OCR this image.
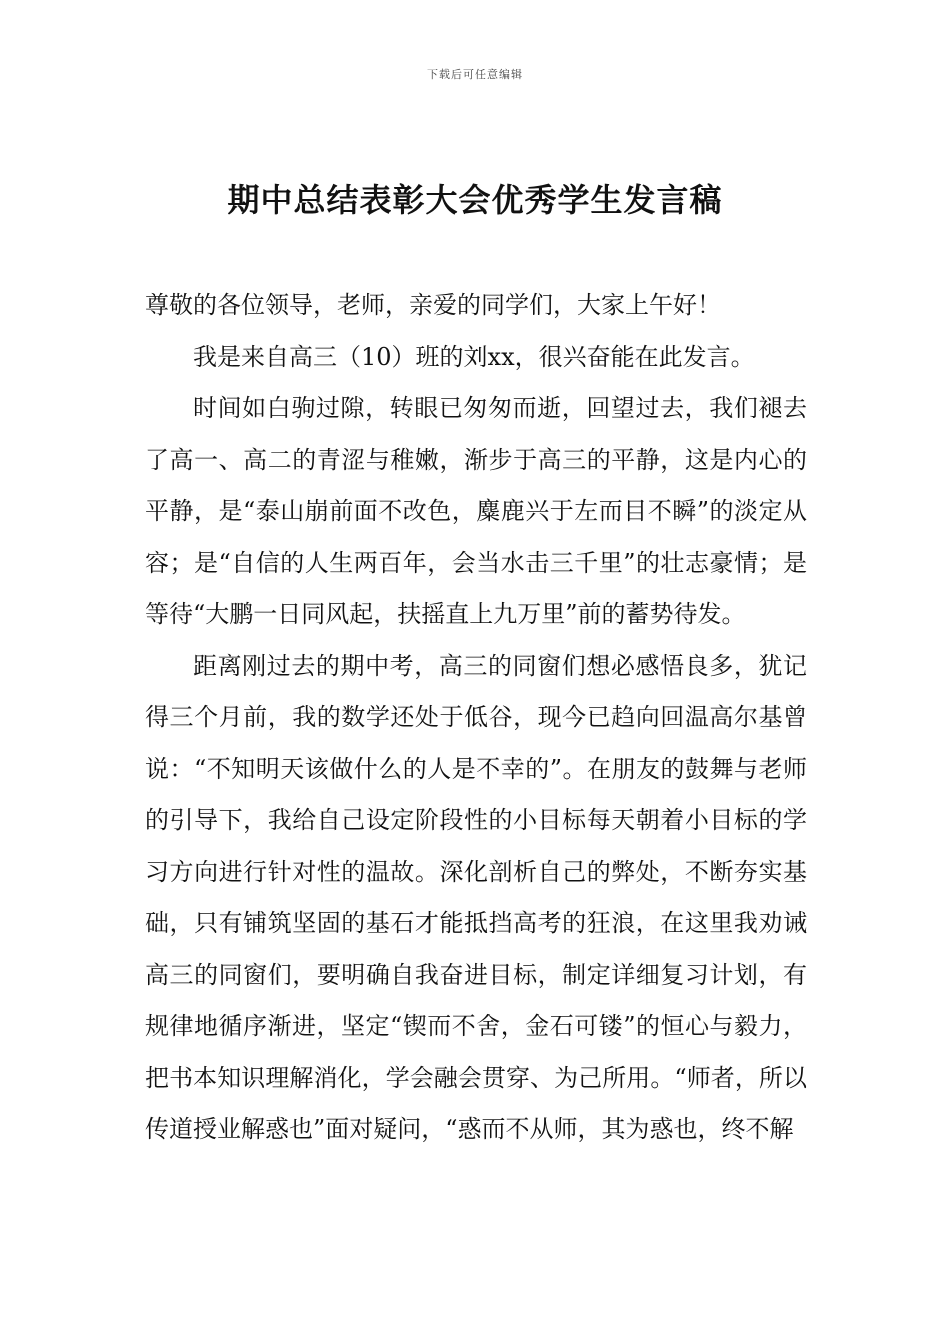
下载后可任意编辑
期中总结表彰大会优秀学生发言稿

尊敬的各位领导，老师，亲爱的同学们，大家上午好！

我是来自高三（10）班的刘xx，很兴奋能在此发言。

时间如白驹过隙，转眼已匆匆而逝，回望过去，我们褪去了高一、高二的青涩与稚嫩，渐步于高三的平静，这是内心的平静，是“泰山崩前面不改色，麋鹿兴于左而目不瞬”的淡定从容；是“自信的人生两百年，会当水击三千里”的壮志豪情；是等待“大鹏一日同风起，扶摇直上九万里”前的蓄势待发。

距离刚过去的期中考，高三的同窗们想必感悟良多，犹记得三个月前，我的数学还处于低谷，现今已趋向回温高尔基曾说：“不知明天该做什么的人是不幸的”。在朋友的鼓舞与老师的引导下，我给自己设定阶段性的小目标每天朝着小目标的学习方向进行针对性的温故。深化剖析自己的弊处，不断夯实基础，只有铺筑坚固的基石才能抵挡高考的狂浪，在这里我劝诫高三的同窗们，要明确自我奋进目标，制定详细复习计划，有规律地循序渐进，坚定“锲而不舍，金石可镂”的恒心与毅力，把书本知识理解消化，学会融会贯穿、为己所用。“师者，所以传道授业解惑也”面对疑问，“惑而不从师，其为惑也，终不解
